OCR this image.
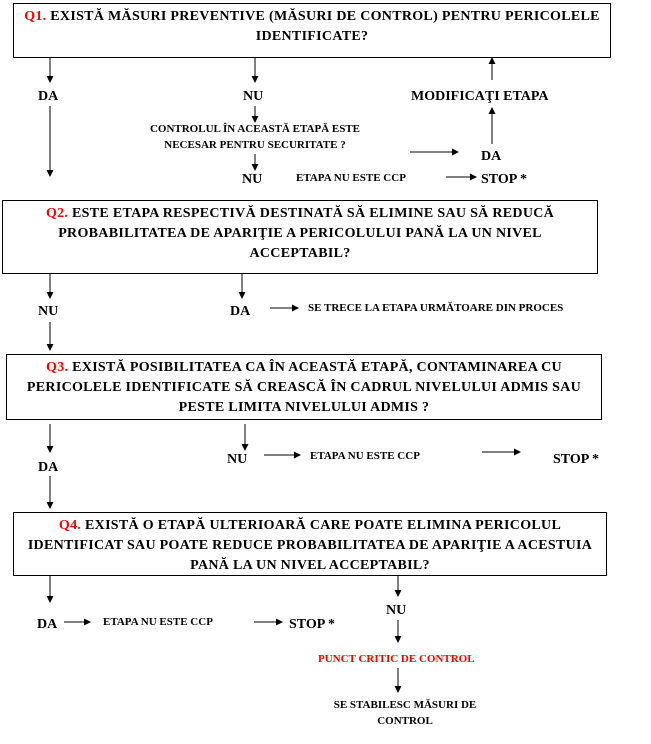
Q1. EXISTĂ MĂSURI PREVENTIVE (MĂSURI DE CONTROL) PENTRU PERICOLELE IDENTIFICATE?
DA	NU	MODIFICAŢI ETAPA
CONTROLUL ÎN ACEASTĂ ETAPĂ ESTE
NECESAR PENTRU SECURITATE ?
DA
NU	ETAPA NU ESTE CCP	STOP *
Q2. ESTE ETAPA RESPECTIVĂ DESTINATĂ SĂ ELIMINE SAU SĂ REDUCĂ PROBABILITATEA DE APARIŢIE A PERICOLULUI PANĂ LA UN NIVEL ACCEPTABIL?
NU	DA	SE TRECE LA ETAPA URMĂTOARE DIN PROCES
Q3. EXISTĂ POSIBILITATEA CA ÎN ACEASTĂ ETAPĂ, CONTAMINAREA CU PERICOLELE IDENTIFICATE SĂ CREASCĂ ÎN CADRUL NIVELULUI ADMIS SAU PESTE LIMITA NIVELULUI ADMIS ?
DA
NU	ETAPA NU ESTE CCP	STOP *
Q4. EXISTĂ O ETAPĂ ULTERIOARĂ CARE POATE ELIMINA PERICOLUL IDENTIFICAT SAU POATE REDUCE PROBABILITATEA DE APARIŢIE A ACESTUIA PANĂ LA UN NIVEL ACCEPTABIL?
DA	ETAPA NU ESTE CCP	STOP *
NU
PUNCT CRITIC DE CONTROL
SE STABILESC MĂSURI DE
CONTROL
